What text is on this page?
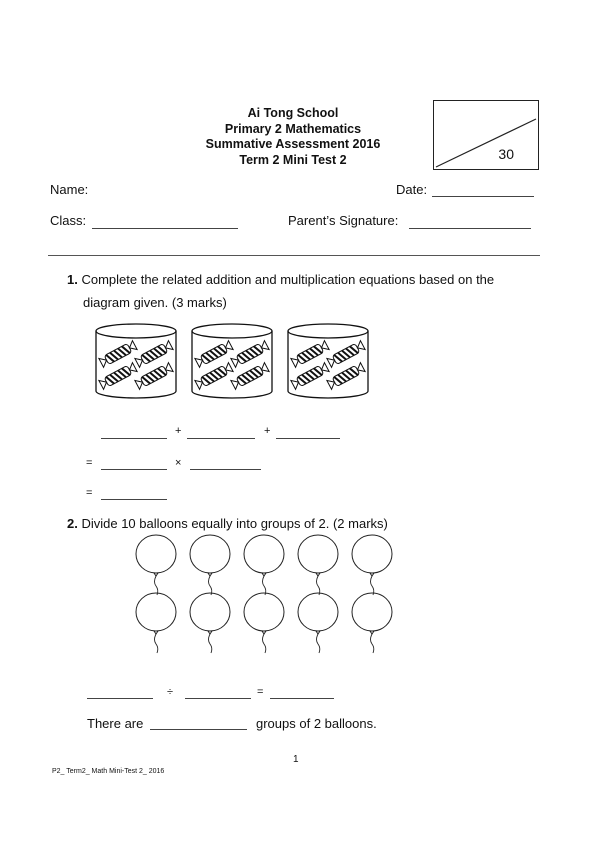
Ai Tong School
Primary 2 Mathematics
Summative Assessment 2016
Term 2 Mini Test 2	30
Name:	Date:
Class:	Parent’s Signature:
1. Complete the related addition and multiplication equations based on the
diagram given. (3 marks)
+	+
=	×
=
2. Divide 10 balloons equally into groups of 2. (2 marks)
÷	=
There are	groups of 2 balloons.
1
P2_ Term2_ Math Mini-Test 2_ 2016
